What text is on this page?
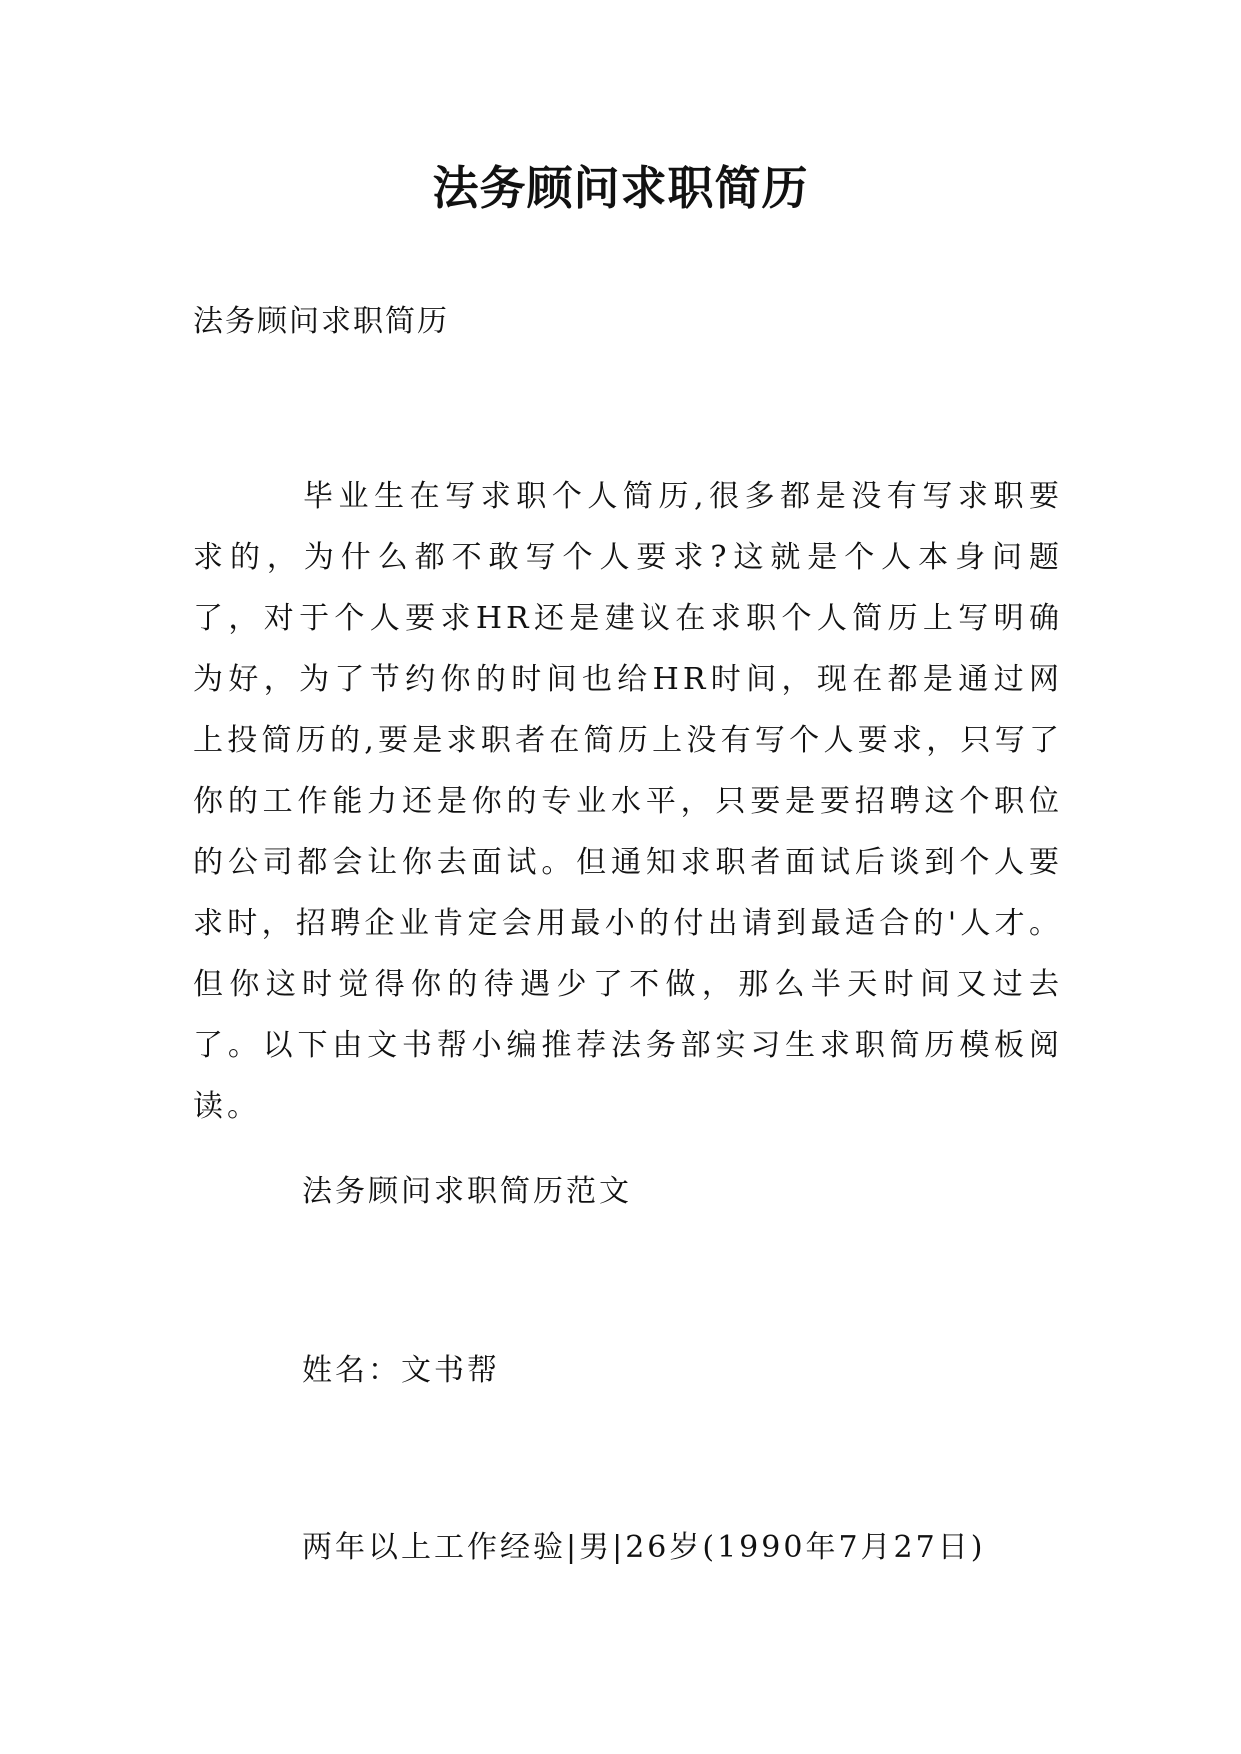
法务顾问求职简历
法务顾问求职简历
毕业生在写求职个人简历,很多都是没有写求职要求的，为什么都不敢写个人要求?这就是个人本身问题了，对于个人要求HR还是建议在求职个人简历上写明确为好，为了节约你的时间也给HR时间，现在都是通过网上投简历的,要是求职者在简历上没有写个人要求，只写了你的工作能力还是你的专业水平，只要是要招聘这个职位的公司都会让你去面试。但通知求职者面试后谈到个人要求时，招聘企业肯定会用最小的付出请到最适合的'人才。但你这时觉得你的待遇少了不做，那么半天时间又过去了。以下由文书帮小编推荐法务部实习生求职简历模板阅读。
法务顾问求职简历范文
姓名：文书帮
两年以上工作经验|男|26岁(1990年7月27日)
